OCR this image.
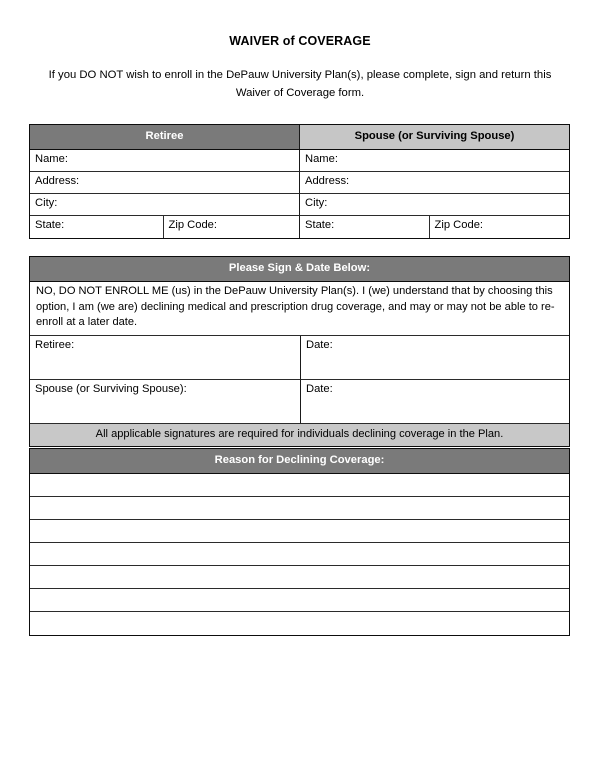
WAIVER of COVERAGE
If you DO NOT wish to enroll in the DePauw University Plan(s), please complete, sign and return this Waiver of Coverage form.
Retiree	Spouse (or Surviving Spouse)
Name:	Name:
Address:	Address:
City:	City:
State:	Zip Code:	State:	Zip Code:
Please Sign & Date Below:
NO, DO NOT ENROLL ME (us) in the DePauw University Plan(s). I (we) understand that by choosing this option, I am (we are) declining medical and prescription drug coverage, and may or may not be able to re-enroll at a later date.
Retiree:	Date:
Spouse (or Surviving Spouse):	Date:
All applicable signatures are required for individuals declining coverage in the Plan.
Reason for Declining Coverage:
